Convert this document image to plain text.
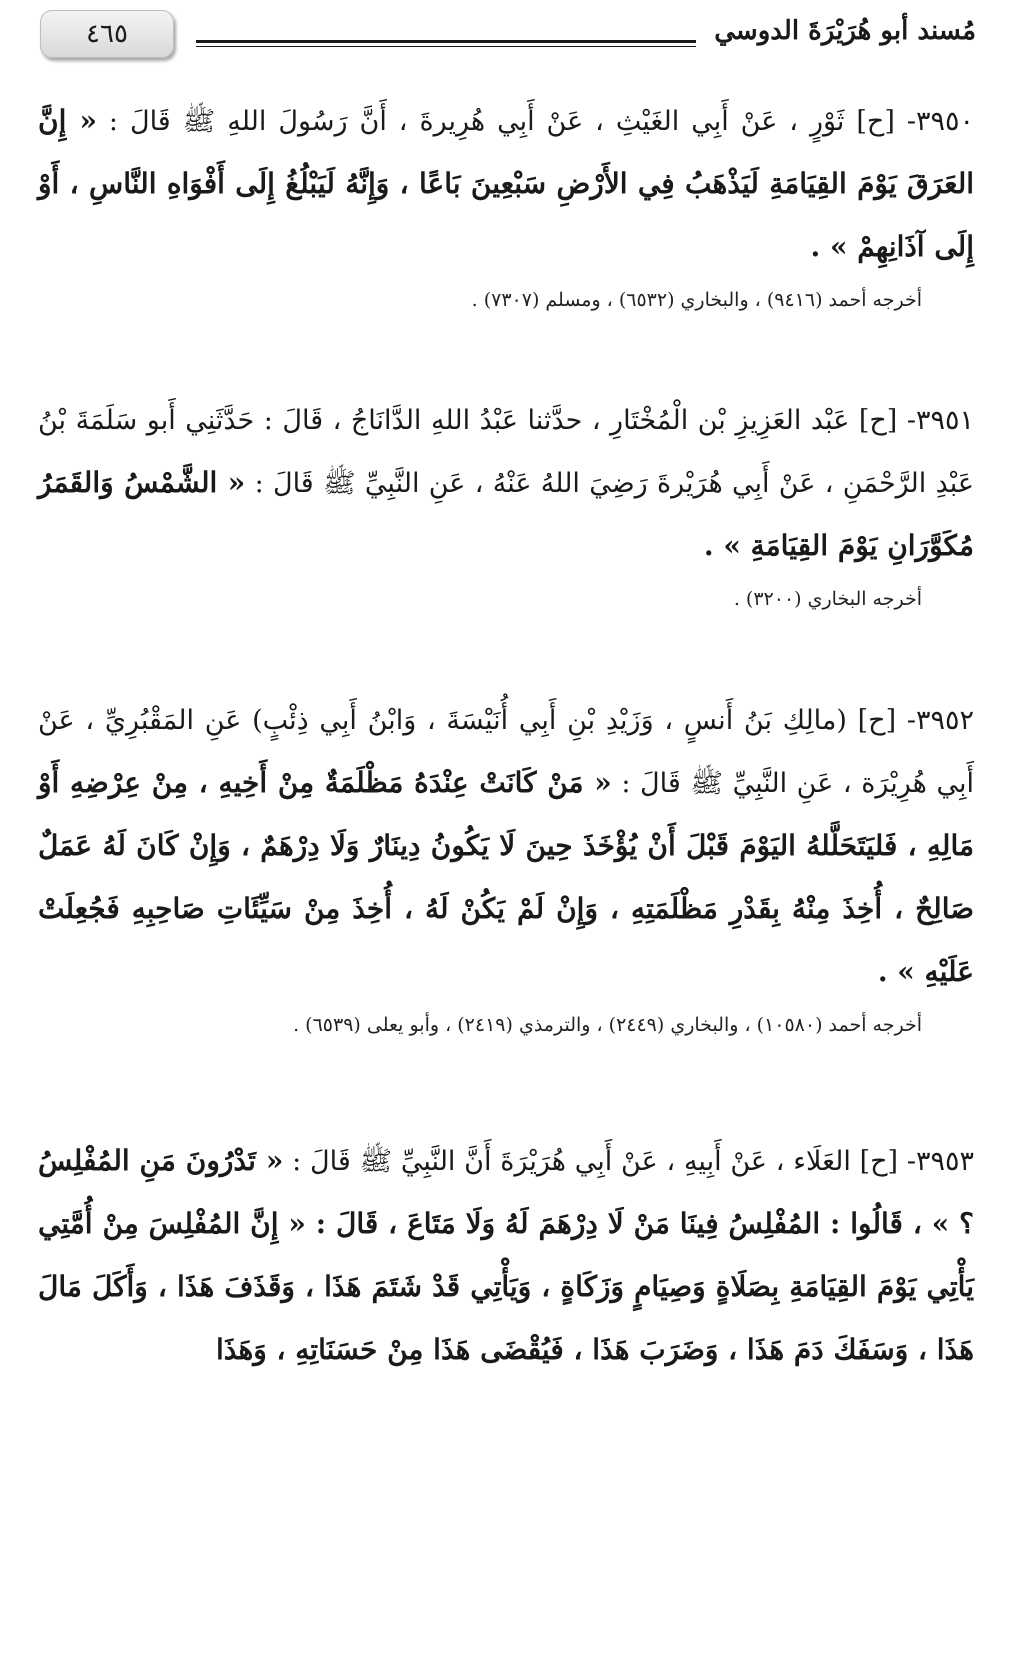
٤٦٥	مُسند أبو هُرَيْرَةَ الدوسي

٣٩٥٠- [ح] ثَوْرٍ ، عَنْ أَبِي الغَيْثِ ، عَنْ أَبِي هُرِيرةَ ، أَنَّ رَسُولَ اللهِ ﷺ قَالَ : « إِنَّ العَرَقَ يَوْمَ القِيَامَةِ لَيَذْهَبُ فِي الأَرْضِ سَبْعِينَ بَاعًا ، وَإِنَّهُ لَيَبْلُغُ إِلَى أَفْوَاهِ النَّاسِ ، أَوْ إِلَى آذَانِهِمْ » .

أخرجه أحمد (٩٤١٦) ، والبخاري (٦٥٣٢) ، ومسلم (٧٣٠٧) .

٣٩٥١- [ح] عَبْد العَزِيزِ بْن الْمُخْتَارِ ، حدَّثنا عَبْدُ اللهِ الدَّانَاجُ ، قَالَ : حَدَّثَنِي أَبو سَلَمَةَ بْنُ عَبْدِ الرَّحْمَنِ ، عَنْ أَبِي هُرَيْرةَ رَضِيَ اللهُ عَنْهُ ، عَنِ النَّبِيِّ ﷺ قَالَ : « الشَّمْسُ وَالقَمَرُ مُكَوَّرَانِ يَوْمَ القِيَامَةِ » .

أخرجه البخاري (٣٢٠٠) .

٣٩٥٢- [ح] (مالِكِ بَنُ أَنسٍ ، وَزَيْدِ بْنِ أَبِي أُنَيْسَةَ ، وَابْنُ أَبِي ذِئْبٍ) عَنِ المَقْبُرِيِّ ، عَنْ أَبِي هُرِيْرَة ، عَنِ النَّبِيِّ ﷺ قَالَ : « مَنْ كَانَتْ عِنْدَهُ مَظْلَمَةٌ مِنْ أَخِيهِ ، مِنْ عِرْضِهِ أَوْ مَالِهِ ، فَليَتَحَلَّلهُ اليَوْمَ قَبْلَ أَنْ يُؤْخَذَ حِينَ لَا يَكُونُ دِينَارٌ وَلَا دِرْهَمٌ ، وَإِنْ كَانَ لَهُ عَمَلٌ صَالِحٌ ، أُخِذَ مِنْهُ بِقَدْرِ مَظْلَمَتِهِ ، وَإِنْ لَمْ يَكُنْ لَهُ ، أُخِذَ مِنْ سَيِّئَاتِ صَاحِبِهِ فَجُعِلَتْ عَلَيْهِ » .

أخرجه أحمد (١٠٥٨٠) ، والبخاري (٢٤٤٩) ، والترمذي (٢٤١٩) ، وأبو يعلى (٦٥٣٩) .

٣٩٥٣- [ح] العَلَاء ، عَنْ أَبِيهِ ، عَنْ أَبِي هُرَيْرَةَ أَنَّ النَّبِيِّ ﷺ قَالَ : « تَدْرُونَ مَنِ المُفْلِسُ ؟ » ، قَالُوا : المُفْلِسُ فِينَا مَنْ لَا دِرْهَمَ لَهُ وَلَا مَتَاعَ ، قَالَ : « إِنَّ المُفْلِسَ مِنْ أُمَّتِي يَأْتِي يَوْمَ القِيَامَةِ بِصَلَاةٍ وَصِيَامٍ وَزَكَاةٍ ، وَيَأْتِي قَدْ شَتَمَ هَذَا ، وَقَذَفَ هَذَا ، وَأَكَلَ مَالَ هَذَا ، وَسَفَكَ دَمَ هَذَا ، وَضَرَبَ هَذَا ، فَيُقْضَى هَذَا مِنْ حَسَنَاتِهِ ، وَهَذَا
